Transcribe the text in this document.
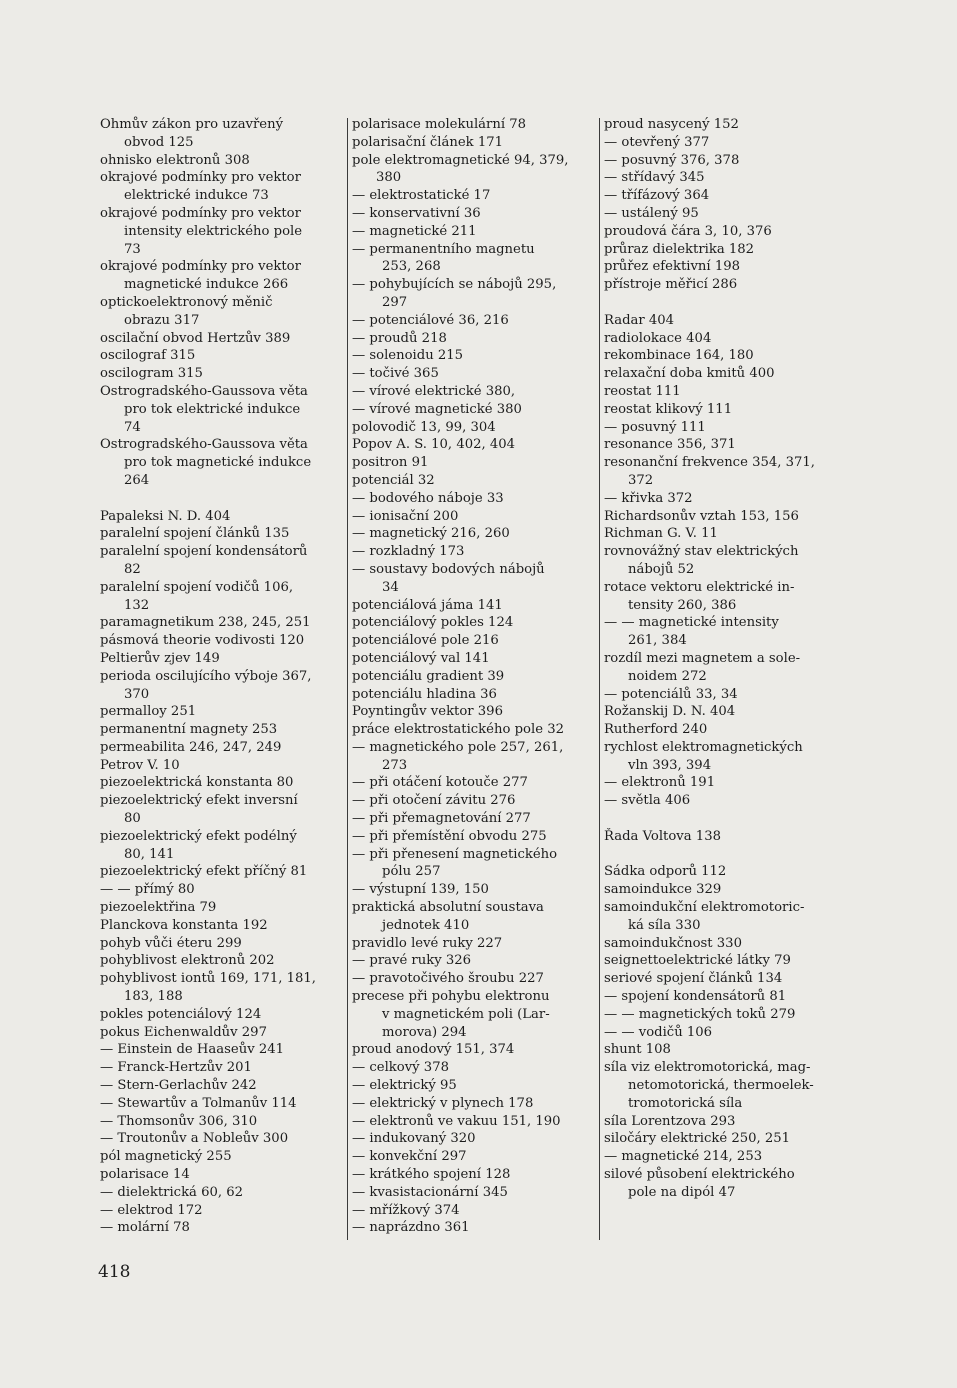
Ohmův zákon pro uzavřený
obvod 125
ohnisko elektronů 308
okrajové podmínky pro vektor
elektrické indukce 73
okrajové podmínky pro vektor
intensity elektrického pole
73
okrajové podmínky pro vektor
magnetické indukce 266
optickoelektronový měnič
obrazu 317
oscilační obvod Hertzův 389
oscilograf 315
oscilogram 315
Ostrogradského-Gaussova věta
pro tok elektrické indukce
74
Ostrogradského-Gaussova věta
pro tok magnetické indukce
264
Papaleksi N. D. 404
paralelní spojení článků 135
paralelní spojení kondensátorů
82
paralelní spojení vodičů 106,
132
paramagnetikum 238, 245, 251
pásmová theorie vodivosti 120
Peltierův zjev 149
perioda oscilujícího výboje 367,
370
permalloy 251
permanentní magnety 253
permeabilita 246, 247, 249
Petrov V. 10
piezoelektrická konstanta 80
piezoelektrický efekt inversní
80
piezoelektrický efekt podélný
80, 141
piezoelektrický efekt příčný 81
— — přímý 80
piezoelektřina 79
Planckova konstanta 192
pohyb vůči éteru 299
pohyblivost elektronů 202
pohyblivost iontů 169, 171, 181,
183, 188
pokles potenciálový 124
pokus Eichenwaldův 297
— Einstein de Haaseův 241
— Franck-Hertzův 201
— Stern-Gerlachův 242
— Stewartův a Tolmanův 114
— Thomsonův 306, 310
— Troutonův a Nobleův 300
pól magnetický 255
polarisace 14
— dielektrická 60, 62
— elektrod 172
— molární 78
polarisace molekulární 78
polarisační článek 171
pole elektromagnetické 94, 379,
380
— elektrostatické 17
— konservativní 36
— magnetické 211
— permanentního magnetu
253, 268
— pohybujících se nábojů 295,
297
— potenciálové 36, 216
— proudů 218
— solenoidu 215
— točivé 365
— vírové elektrické 380,
— vírové magnetické 380
polovodič 13, 99, 304
Popov A. S. 10, 402, 404
positron 91
potenciál 32
— bodového náboje 33
— ionisační 200
— magnetický 216, 260
— rozkladný 173
— soustavy bodových nábojů
34
potenciálová jáma 141
potenciálový pokles 124
potenciálové pole 216
potenciálový val 141
potenciálu gradient 39
potenciálu hladina 36
Poyntingův vektor 396
práce elektrostatického pole 32
— magnetického pole 257, 261,
273
— při otáčení kotouče 277
— při otočení závitu 276
— při přemagnetování 277
— při přemístění obvodu 275
— při přenesení magnetického
pólu 257
— výstupní 139, 150
praktická absolutní soustava
jednotek 410
pravidlo levé ruky 227
— pravé ruky 326
— pravotočivého šroubu 227
precese při pohybu elektronu
v magnetickém poli (Lar-
morova) 294
proud anodový 151, 374
— celkový 378
— elektrický 95
— elektrický v plynech 178
— elektronů ve vakuu 151, 190
— indukovaný 320
— konvekční 297
— krátkého spojení 128
— kvasistacionární 345
— mřížkový 374
— naprázdno 361
proud nasycený 152
— otevřený 377
— posuvný 376, 378
— střídavý 345
— třífázový 364
— ustálený 95
proudová čára 3, 10, 376
průraz dielektrika 182
průřez efektivní 198
přístroje měřicí 286
Radar 404
radiolokace 404
rekombinace 164, 180
relaxační doba kmitů 400
reostat 111
reostat klikový 111
— posuvný 111
resonance 356, 371
resonanční frekvence 354, 371,
372
— křivka 372
Richardsonův vztah 153, 156
Richman G. V. 11
rovnovážný stav elektrických
nábojů 52
rotace vektoru elektrické in-
tensity 260, 386
— — magnetické intensity
261, 384
rozdíl mezi magnetem a sole-
noidem 272
— potenciálů 33, 34
Rožanskij D. N. 404
Rutherford 240
rychlost elektromagnetických
vln 393, 394
— elektronů 191
— světla 406
Řada Voltova 138
Sádka odporů 112
samoindukce 329
samoindukční elektromotoric-
ká síla 330
samoindukčnost 330
seignettoelektrické látky 79
seriové spojení článků 134
— spojení kondensátorů 81
— — magnetických toků 279
— — vodičů 106
shunt 108
síla viz elektromotorická, mag-
netomotorická, thermoelek-
tromotorická síla
síla Lorentzova 293
siločáry elektrické 250, 251
— magnetické 214, 253
silové působení elektrického
pole na dipól 47
418
